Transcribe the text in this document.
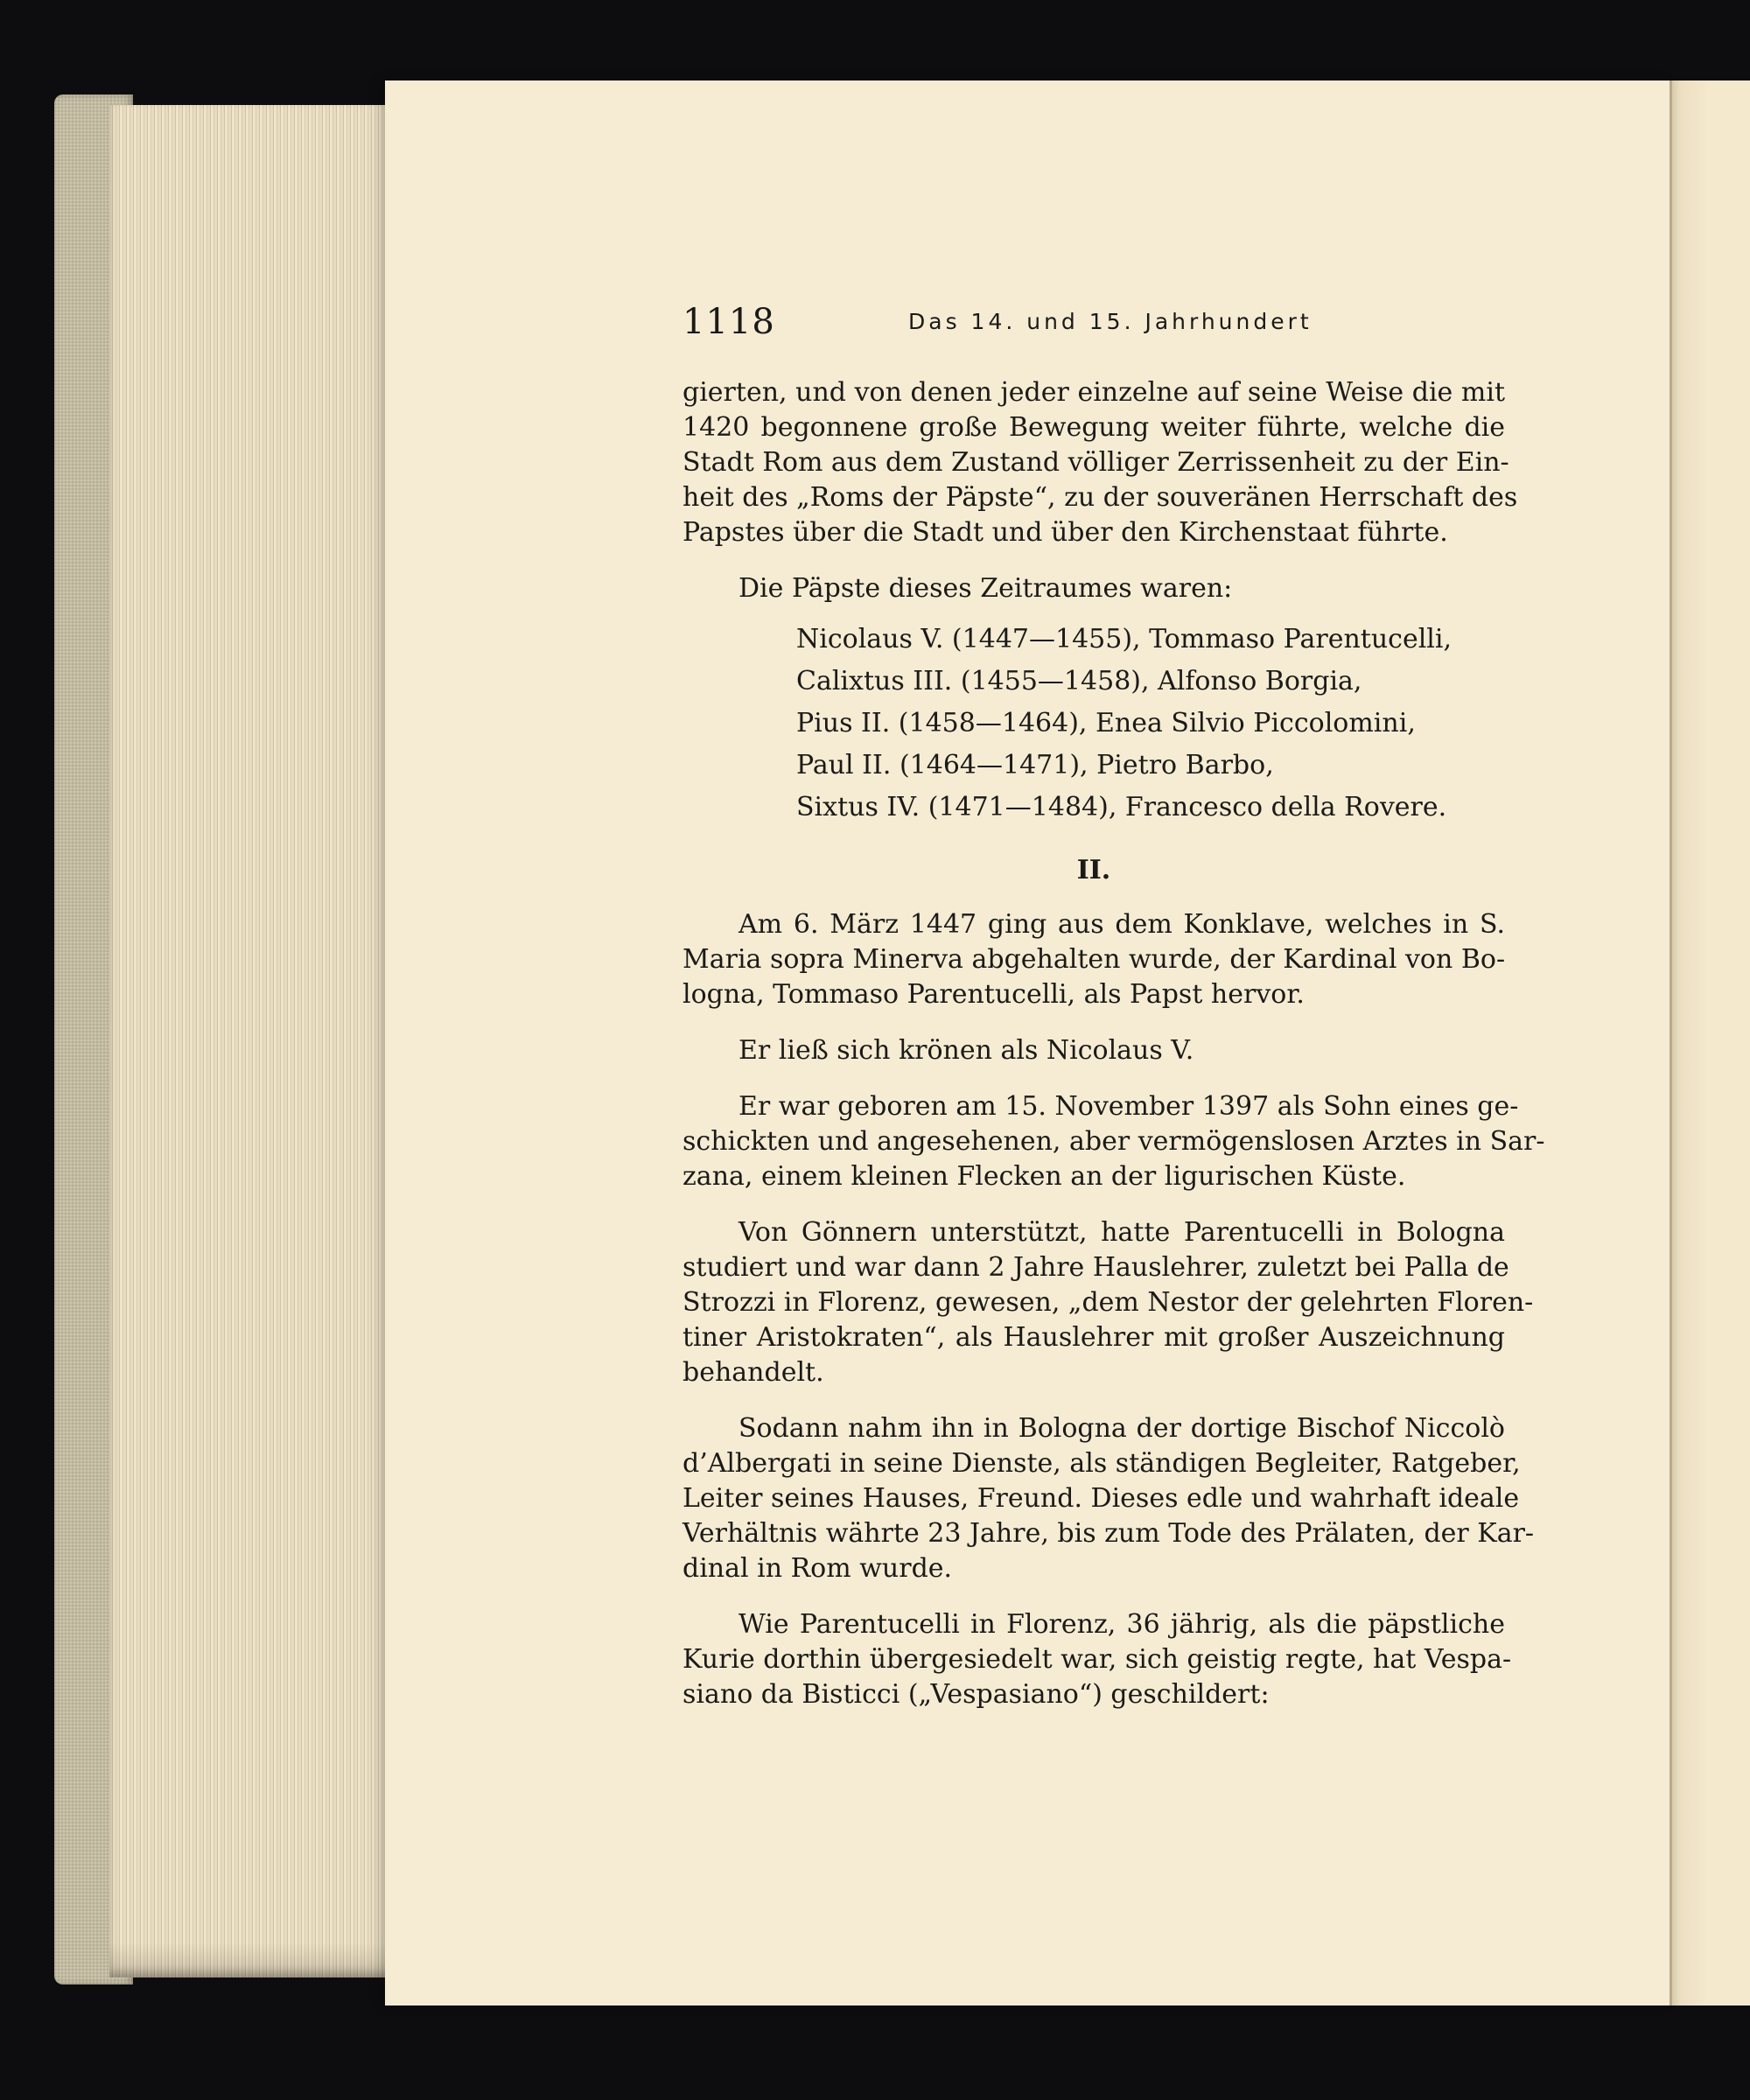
1118	Das 14. und 15. Jahrhundert

gierten, und von denen jeder einzelne auf seine Weise die mit
1420 begonnene große Bewegung weiter führte, welche die
Stadt Rom aus dem Zustand völliger Zerrissenheit zu der Ein-
heit des „Roms der Päpste“, zu der souveränen Herrschaft des
Papstes über die Stadt und über den Kirchenstaat führte.

Die Päpste dieses Zeitraumes waren:

Nicolaus V. (1447—1455), Tommaso Parentucelli,
Calixtus III. (1455—1458), Alfonso Borgia,
Pius II. (1458—1464), Enea Silvio Piccolomini,
Paul II. (1464—1471), Pietro Barbo,
Sixtus IV. (1471—1484), Francesco della Rovere.
II.

Am 6. März 1447 ging aus dem Konklave, welches in S.
Maria sopra Minerva abgehalten wurde, der Kardinal von Bo-
logna, Tommaso Parentucelli, als Papst hervor.

Er ließ sich krönen als Nicolaus V.

Er war geboren am 15. November 1397 als Sohn eines ge-
schickten und angesehenen, aber vermögenslosen Arztes in Sar-
zana, einem kleinen Flecken an der ligurischen Küste.

Von Gönnern unterstützt, hatte Parentucelli in Bologna
studiert und war dann 2 Jahre Hauslehrer, zuletzt bei Palla de
Strozzi in Florenz, gewesen, „dem Nestor der gelehrten Floren-
tiner Aristokraten“, als Hauslehrer mit großer Auszeichnung
behandelt.

Sodann nahm ihn in Bologna der dortige Bischof Niccolò
d’Albergati in seine Dienste, als ständigen Begleiter, Ratgeber,
Leiter seines Hauses, Freund. Dieses edle und wahrhaft ideale
Verhältnis währte 23 Jahre, bis zum Tode des Prälaten, der Kar-
dinal in Rom wurde.

Wie Parentucelli in Florenz, 36 jährig, als die päpstliche
Kurie dorthin übergesiedelt war, sich geistig regte, hat Vespa-
siano da Bisticci („Vespasiano“) geschildert:
